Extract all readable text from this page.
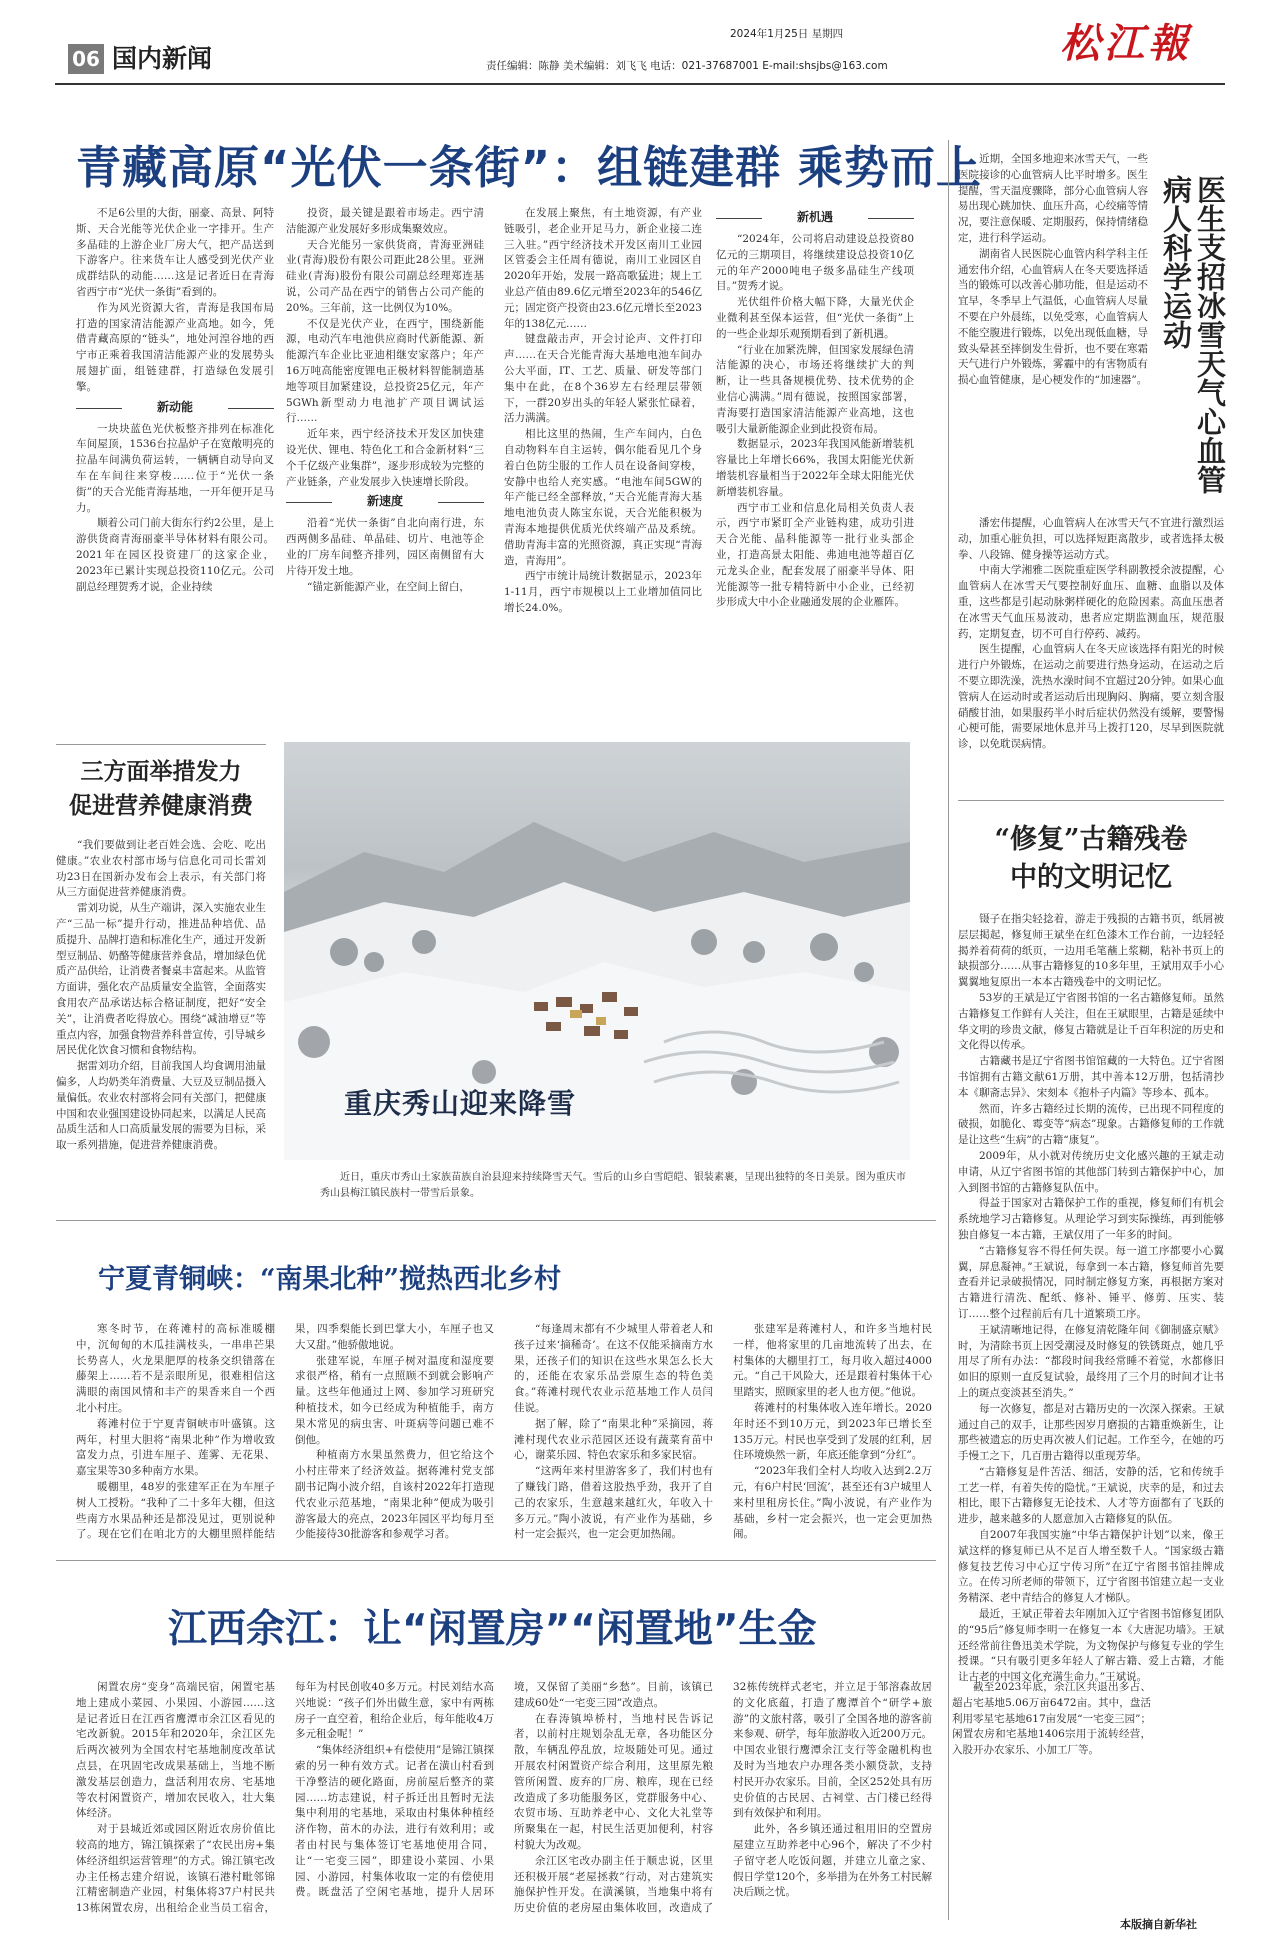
06 国内新闻
2024年1月25日 星期四
责任编辑：陈静 美术编辑：刘飞飞 电话：021-37687001 E-mail:shsjbs@163.com	松江報
青藏高原“光伏一条街”：组链建群 乘势而上

不足6公里的大街，丽豪、高景、阿特斯、天合光能等光伏企业一字排开。生产多晶硅的上游企业厂房大气，把产品送到下游客户。往来货车让人感受到光伏产业成群结队的动能……这是记者近日在青海省西宁市“光伏一条街”看到的。

作为风光资源大省，青海是我国布局打造的国家清洁能源产业高地。如今，凭借青藏高原的“链头”，地处河湟谷地的西宁市正乘着我国清洁能源产业的发展势头展翅扩面，组链建群，打造绿色发展引擎。

新动能

一块块蓝色光伏板整齐排列在标准化车间屋顶，1536台拉晶炉子在宽敞明亮的拉晶车间满负荷运转，一辆辆自动导向叉车在车间往来穿梭……位于“光伏一条街”的天合光能青海基地，一开年便开足马力。

顺着公司门前大街东行约2公里，是上游供货商青海丽豪半导体材料有限公司。2021年在园区投资建厂的这家企业，2023年已累计实现总投资110亿元。公司副总经理贺秀才说，企业持续

投资，最关键是跟着市场走。西宁清洁能源产业发展好多形成集聚效应。

天合光能另一家供货商，青海亚洲硅业(青海)股份有限公司距此28公里。亚洲硅业(青海)股份有限公司副总经理郑连基说，公司产品在西宁的销售占公司产能的20%。三年前，这一比例仅为10%。

不仅是光伏产业，在西宁，围绕新能源，电动汽车电池供应商时代新能源、新能源汽车企业比亚迪相继安家落户；年产16万吨高能密度锂电正极材料智能制造基地等项目加紧建设，总投资25亿元，年产5GWh新型动力电池扩产项目调试运行……

近年来，西宁经济技术开发区加快建设光伏、锂电、特色化工和合金新材料“三个千亿级产业集群”，逐步形成较为完整的产业链条，产业发展步入快速增长阶段。

新速度

沿着“光伏一条街”自北向南行进，东西两侧多晶硅、单晶硅、切片、电池等企业的厂房车间整齐排列，园区南侧留有大片待开发土地。

“锚定新能源产业，在空间上留白，

在发展上聚焦，有土地资源，有产业链吸引，老企业开足马力，新企业接二连三入驻。”西宁经济技术开发区南川工业园区管委会主任周有德说，南川工业园区自2020年开始，发展一路高歌猛进；规上工业总产值由89.6亿元增至2023年的546亿元；固定资产投资由23.6亿元增长至2023年的138亿元……

键盘敲击声，开会讨论声、文件打印声……在天合光能青海大基地电池车间办公大平面，IT、工艺、质量、研发等部门集中在此，在8个36岁左右经理层带领下，一群20岁出头的年轻人紧张忙碌着，活力满满。

相比这里的热闹，生产车间内，白色自动物料车自主运转，偶尔能看见几个身着白色防尘服的工作人员在设备间穿梭，安静中也给人充实感。“电池车间5GW的年产能已经全部释放，”天合光能青海大基地电池负责人陈宝东说，天合光能积极为青海本地提供优质光伏终端产品及系统。借助青海丰富的光照资源，真正实现“青海造，青海用”。

西宁市统计局统计数据显示，2023年1-11月，西宁市规模以上工业增加值同比增长24.0%。

新机遇

“2024年，公司将启动建设总投资80亿元的三期项目，将继续建设总投资10亿元的年产2000吨电子级多晶硅生产线项目。”贺秀才说。

光伏组件价格大幅下降，大量光伏企业微利甚至保本运营，但“光伏一条街”上的一些企业却乐观预期看到了新机遇。

“行业在加紧洗牌，但国家发展绿色清洁能源的决心，市场还将继续扩大的判断，让一些具备规模优势、技术优势的企业信心满满。”周有德说，按照国家部署，青海要打造国家清洁能源产业高地，这也吸引大量新能源企业到此投资布局。

数据显示，2023年我国风能新增装机容量比上年增长66%，我国太阳能光伏新增装机容量相当于2022年全球太阳能光伏新增装机容量。

西宁市工业和信息化局相关负责人表示，西宁市紧盯全产业链构建，成功引进天合光能、晶科能源等一批行业头部企业，打造高景太阳能、弗迪电池等超百亿元龙头企业，配套发展了丽豪半导体、阳光能源等一批专精特新中小企业，已经初步形成大中小企业融通发展的企业雁阵。

医生支招冰雪天气心血管病人科学运动

近期，全国多地迎来冰雪天气，一些医院接诊的心血管病人比平时增多。医生提醒，雪天温度骤降，部分心血管病人容易出现心跳加快、血压升高，心绞痛等情况，要注意保暖、定期服药，保持情绪稳定，进行科学运动。

湖南省人民医院心血管内科学科主任通宏伟介绍，心血管病人在冬天要选择适当的锻炼可以改善心肺功能，但是运动不宜早，冬季早上气温低，心血管病人尽量不要在户外晨练，以免受寒，心血管病人不能空腹进行锻炼，以免出现低血糖，导致头晕甚至摔倒发生骨折，也不要在寒霜天气进行户外锻炼，雾霾中的有害物质有损心血管健康，是心梗发作的“加速器”。

潘宏伟提醒，心血管病人在冰雪天气不宜进行激烈运动，加重心脏负担，可以选择短距离散步，或者选择太极拳、八段锦、健身操等运动方式。

中南大学湘雅二医院重症医学科副教授余波提醒，心血管病人在冰雪天气要控制好血压、血糖、血脂以及体重，这些都是引起动脉粥样硬化的危险因素。高血压患者在冰雪天气血压易波动，患者应定期监测血压，规范服药，定期复查，切不可自行停药、减药。

医生提醒，心血管病人在冬天应该选择有阳光的时候进行户外锻炼，在运动之前要进行热身运动，在运动之后不要立即洗澡，洗热水澡时间不宜超过20分钟。如果心血管病人在运动时或者运动后出现胸闷、胸痛，要立刻含服硝酸甘油，如果服药半小时后症状仍然没有缓解，要警惕心梗可能，需要尿地休息并马上拨打120，尽早到医院就诊，以免耽误病情。

三方面举措发力
促进营养健康消费

“我们要做到让老百姓会选、会吃、吃出健康。”农业农村部市场与信息化司司长雷刘功23日在国新办发布会上表示，有关部门将从三方面促进营养健康消费。

雷刘功说，从生产端讲，深入实施农业生产“三品一标”提升行动，推进品种培优、品质提升、品牌打造和标准化生产，通过开发新型豆制品、奶酪等健康营养食品，增加绿色优质产品供给，让消费者餐桌丰富起来。从监管方面讲，强化农产品质量安全监管，全面落实食用农产品承诺达标合格证制度，把好“安全关”，让消费者吃得放心。围绕“减油增豆”等重点内容，加强食物营养科普宣传，引导城乡居民优化饮食习惯和食物结构。

据雷刘功介绍，目前我国人均食调用油量偏多，人均奶类年消费量、大豆及豆制品摄入量偏低。农业农村部将会同有关部门，把健康中国和农业强国建设协同起来，以满足人民高品质生活和人口高质量发展的需要为目标，采取一系列措施，促进营养健康消费。

重庆秀山迎来降雪
近日，重庆市秀山土家族苗族自治县迎来持续降雪天气。雪后的山乡白雪皑皑、银装素裹，呈现出独特的冬日美景。图为重庆市秀山县梅江镇民族村一带雪后景象。
“修复”古籍残卷
中的文明记忆

镊子在指尖轻捻着，游走于残损的古籍书页，纸屑被层层掲起，修复师王斌坐在红色漆木工作台前，一边轻轻揭养着荷荷的纸页，一边用毛笔蘸上浆糊，粘补书页上的缺损部分……从事古籍修复的10多年里，王斌用双手小心翼翼地复原出一本本古籍残卷中的文明记忆。

53岁的王斌是辽宁省图书馆的一名古籍修复师。虽然古籍修复工作鲜有人关注，但在王斌眼里，古籍是延续中华文明的珍贵文献，修复古籍就是让千百年积淀的历史和文化得以传承。

古籍藏书是辽宁省图书馆馆藏的一大特色。辽宁省图书馆拥有古籍文献61万册，其中善本12万册，包括清抄本《聊斋志异》、宋刻本《抱朴子内篇》等珍本、孤本。

然而，许多古籍经过长期的流传，已出现不同程度的破损，如脆化、霉变等“病态”现象。古籍修复师的工作就是让这些“生病”的古籍“康复”。

2009年，从小就对传统历史文化感兴趣的王斌走动申请，从辽宁省图书馆的其他部门转到古籍保护中心，加入到图书馆的古籍修复队伍中。

得益于国家对古籍保护工作的重视，修复师们有机会系统地学习古籍修复。从理论学习到实际操练，再到能够独自修复一本古籍，王斌仅用了一年多的时间。

“古籍修复容不得任何失误。每一道工序都要小心翼翼，屏息凝神。”王斌说，每拿到一本古籍，修复师首先要查看并记录破损情况，同时制定修复方案，再根据方案对古籍进行清洗、配纸、修补、锤平、修剪、压实、装订……整个过程前后有几十道繁琐工序。

王斌清晰地记得，在修复清乾隆年间《御制盛京赋》时，为清除书页上因受潮浸及时修复的铁锈斑点，她几乎用尽了所有办法：“都段时间我经常睡不着觉，水都修旧如旧的原则一直反复试验，最终用了三个月的时间才让书上的斑点变淡甚至消失。”

每一次修复，都是对古籍历史的一次深入探索。王斌通过自己的双手，让那些因岁月磨损的古籍重焕新生，让那些被遗忘的历史再次被人们记起。工作至今，在她的巧手慢工之下，几百册古籍得以重现芳华。

“古籍修复是件苦活、细活，安静的活，它和传统手工艺一样，有着失传的隐忧。”王斌说，庆幸的是，和过去相比，眼下古籍修复无论技术、人才等方面都有了飞跃的进步，越来越多的人愿意加入古籍修复的队伍。

自2007年我国实施“中华古籍保护计划”以来，像王斌这样的修复师已从不足百人增至数千人。“国家级古籍修复技艺传习中心辽宁传习所”在辽宁省图书馆挂牌成立。在传习所老师的带领下，辽宁省图书馆建立起一支业务精深、老中青结合的修复人才梯队。

最近，王斌正带着去年刚加入辽宁省图书馆修复团队的“95后”修复师李明一在修复一本《大唐泥功墙》。王斌还经常前往鲁迅美术学院，为文物保护与修复专业的学生授课。“只有吸引更多年轻人了解古籍、爱上古籍，才能让古老的中国文化充满生命力。”王斌说。

宁夏青铜峡：“南果北种”搅热西北乡村

寒冬时节，在蒋滩村的高标准暖棚中，沉甸甸的木瓜挂满枝头，一串串芒果长势喜人，火龙果肥厚的枝条交织错落在藤架上……若不是亲眼所见，很难相信这满眼的南国风情和丰产的果香来自一个西北小村庄。

蒋滩村位于宁夏青铜峡市叶盛镇。这两年，村里大胆将“南果北种”作为增收致富发力点，引进车厘子、莲雾、无花果、嘉宝果等30多种南方水果。

暖棚里，48岁的张建军正在为车厘子树人工授粉。“我种了二十多年大棚，但这些南方水果品种还是都没见过，更别说种了。现在它们在咱北方的大棚里照样能结果，四季梨能长到巴掌大小，车厘子也又大又甜。”他骄傲地说。

张建军说，车厘子树对温度和湿度要求很严格，稍有一点照顾不到就会影响产量。这些年他通过上网、参加学习班研究种植技术，如今已经成为种植能手，南方果木常见的病虫害、叶斑病等问题已难不倒他。

种植南方水果虽然费力，但它给这个小村庄带来了经济效益。据蒋滩村党支部副书记陶小波介绍，自该村2022年打造现代农业示范基地，“南果北种”便成为吸引游客最大的亮点，2023年园区平均每月至少能接待30批游客和参观学习者。

“每逢周末都有不少城里人带着老人和孩子过来‘摘稀奇’。在这不仅能采摘南方水果，还孩子们的知识在这些水果怎么长大的，还能在农家乐品尝原生态的特色美食。”蒋滩村现代农业示范基地工作人员闫佳说。

据了解，除了“南果北种”采摘园，蒋滩村现代农业示范园区还设有蔬菜育苗中心，谢菜乐园、特色农家乐和多家民宿。

“这两年来村里游客多了，我们村也有了赚钱门路，借着这股热乎劲，我开了自己的农家乐，生意越来越红火，年收入十多万元。”陶小波说，有产业作为基础，乡村一定会振兴，也一定会更加热闹。

张建军是蒋滩村人，和许多当地村民一样，他将家里的几亩地流转了出去，在村集体的大棚里打工，每月收入超过4000元。“自己干风险大，还是跟着村集体干心里踏实，照顾家里的老人也方便。”他说。

蒋滩村的村集体收入连年增长。2020年时还不到10万元，到2023年已增长至135万元。村民也享受到了发展的红利，居住环境焕然一新，年底还能拿到“分红”。

“2023年我们全村人均收入达到2.2万元，有6户村民‘回流’，甚至还有3户城里人来村里租房长住。”陶小波说，有产业作为基础，乡村一定会振兴，也一定会更加热闹。

江西余江：让“闲置房”“闲置地”生金

闲置农房“变身”高端民宿，闲置宅基地上建成小菜园、小果园、小游园……这是记者近日在江西省鹰潭市余江区看见的宅改新貌。2015年和2020年，余江区先后两次被列为全国农村宅基地制度改革试点县，在巩固宅改成果基础上，当地不断激发基层创造力，盘活利用农房、宅基地等农村闲置资产，增加农民收入，壮大集体经济。

对于县城近郊或园区附近农房价值比较高的地方，锦江镇探索了“农民出房+集体经济组织运营管理”的方式。锦江镇宅改办主任杨志建介绍说，该镇石港村毗邻锦江精密制造产业园，村集体将37户村民共13栋闲置农房，出租给企业当员工宿舍，每年为村民创收40多万元。村民刘结水高兴地说：“孩子们外出做生意，家中有两栋房子一直空着，租给企业后，每年能收4万多元租金呢！”

“集体经济组织+有偿使用”是锦江镇探索的另一种有效方式。记者在潢山村看到干净整洁的硬化路面，房前屋后整齐的菜园……坊志建说，村子拆迁出且暂时无法集中利用的宅基地，采取由村集体种植经济作物，苗木的办法，进行有效利用；或者由村民与集体签订宅基地使用合同，让“一宅变三园”，即建设小菜园、小果园、小游园，村集体收取一定的有偿使用费。既盘活了空闲宅基地，提升人居环境，又保留了美丽“乡愁”。目前，该镇已建成60处“一宅变三园”改造点。

在春涛镇埠桥村，当地村民告诉记者，以前村庄规划杂乱无章，各功能区分散，车辆乱停乱放，垃圾随处可见。通过开展农村闲置资产综合利用，这里原先粮管所闲置、废弃的厂房、粮库，现在已经改造成了多功能服务区，党群服务中心、农贸市场、互助养老中心、文化大礼堂等所聚集在一起，村民生活更加便利，村容村貌大为改观。

余江区宅改办副主任于顺忠说，区里还积极开展“老屋拯救”行动，对古建筑实施保护性开发。在潢溪镇，当地集中将有历史价值的老房屋由集体收回，改造成了32栋传统样式老宅，并立足于邹溶森故居的文化底蕴，打造了鹰潭首个“研学+旅游”的文旅村落，吸引了全国各地的游客前来参观、研学，每年旅游收入近200万元。中国农业银行鹰潭余江支行等金融机构也及时为当地农户办理各类小额贷款，支持村民开办农家乐。目前，全区252处具有历史价值的古民居、古祠堂、古门楼已经得到有效保护和利用。

此外，各乡镇还通过租用旧的空置房屋建立互助养老中心96个，解决了不少村子留守老人吃饭问题，并建立儿童之家、假日学堂120个，多举措为在外务工村民解决后顾之忧。

截至2023年底，余江区共退出多占、超占宅基地5.06万亩6472亩。其中，盘活利用零星宅基地617亩发展“一宅变三园”；闲置农房和宅基地1406宗用于流转经营，入股开办农家乐、小加工厂等。

本版摘自新华社
